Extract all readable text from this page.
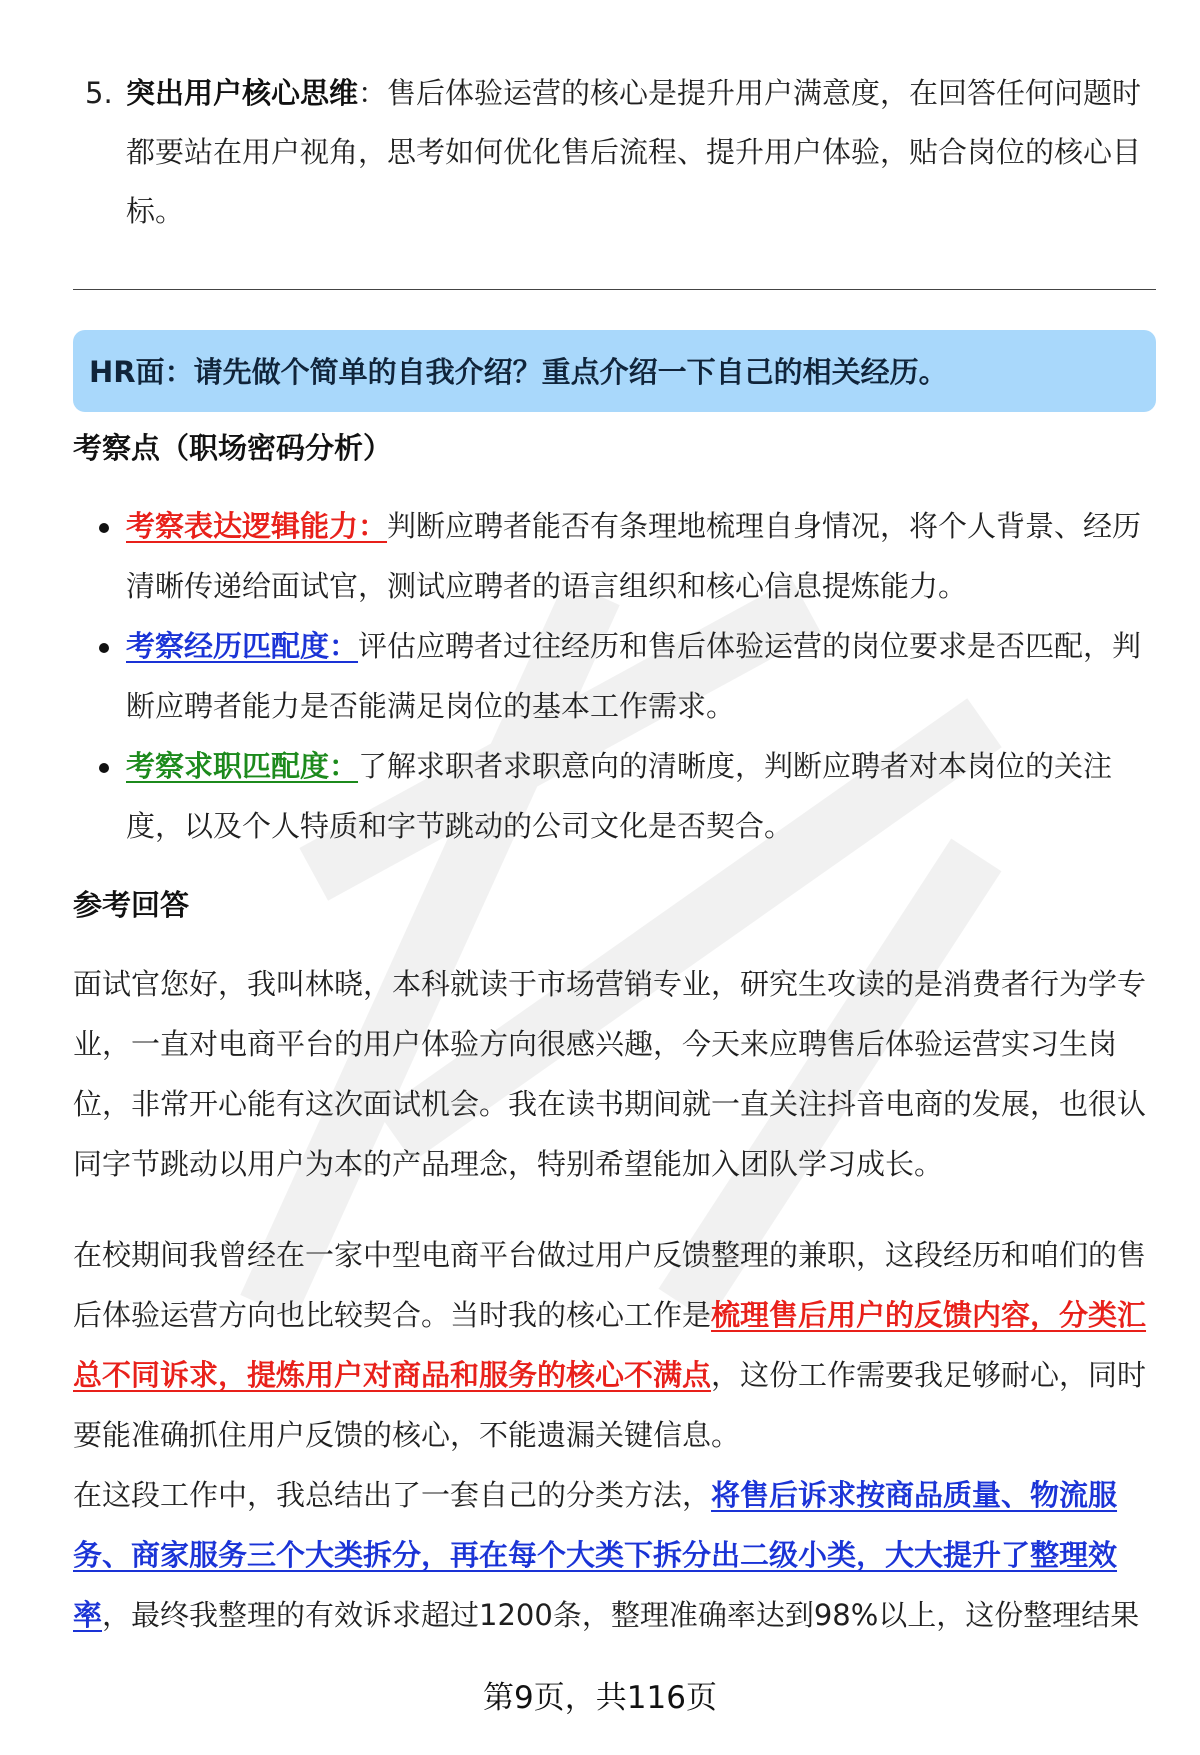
5. 突出用户核心思维：售后体验运营的核心是提升用户满意度，在回答任何问题时都要站在用户视角，思考如何优化售后流程、提升用户体验，贴合岗位的核心目标。
HR面：请先做个简单的自我介绍？重点介绍一下自己的相关经历。
考察点（职场密码分析）
考察表达逻辑能力：判断应聘者能否有条理地梳理自身情况，将个人背景、经历清晰传递给面试官，测试应聘者的语言组织和核心信息提炼能力。
考察经历匹配度：评估应聘者过往经历和售后体验运营的岗位要求是否匹配，判断应聘者能力是否能满足岗位的基本工作需求。
考察求职匹配度：了解求职者求职意向的清晰度，判断应聘者对本岗位的关注度，以及个人特质和字节跳动的公司文化是否契合。
参考回答

面试官您好，我叫林晓，本科就读于市场营销专业，研究生攻读的是消费者行为学专业，一直对电商平台的用户体验方向很感兴趣，今天来应聘售后体验运营实习生岗位，非常开心能有这次面试机会。我在读书期间就一直关注抖音电商的发展，也很认同字节跳动以用户为本的产品理念，特别希望能加入团队学习成长。

在校期间我曾经在一家中型电商平台做过用户反馈整理的兼职，这段经历和咱们的售后体验运营方向也比较契合。当时我的核心工作是梳理售后用户的反馈内容，分类汇总不同诉求，提炼用户对商品和服务的核心不满点，这份工作需要我足够耐心，同时要能准确抓住用户反馈的核心，不能遗漏关键信息。

在这段工作中，我总结出了一套自己的分类方法，将售后诉求按商品质量、物流服务、商家服务三个大类拆分，再在每个大类下拆分出二级小类，大大提升了整理效率，最终我整理的有效诉求超过1200条，整理准确率达到98%以上，这份整理结果

第9页，共116页
